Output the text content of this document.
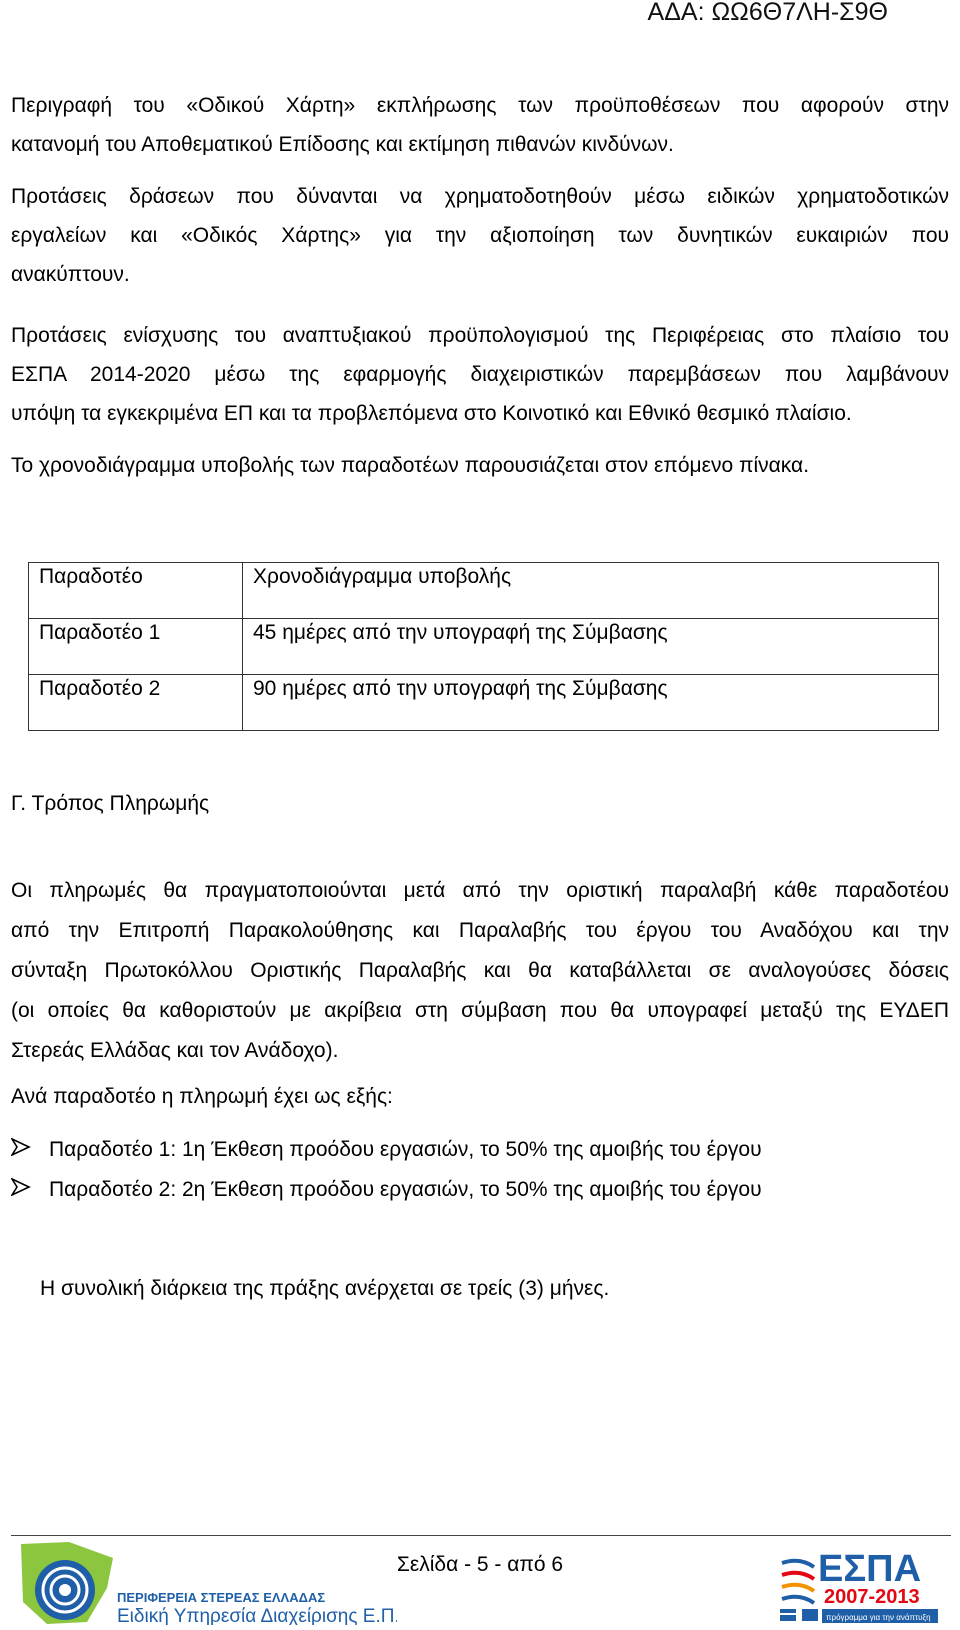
ΑΔΑ: ΩΩ6Θ7ΛΗ-Σ9Θ
Περιγραφή του «Οδικού Χάρτη» εκπλήρωσης των προϋποθέσεων που αφορούν στην
κατανομή του Αποθεματικού Επίδοσης και εκτίμηση πιθανών κινδύνων.
Προτάσεις δράσεων που δύνανται να χρηματοδοτηθούν μέσω ειδικών χρηματοδοτικών
εργαλείων και «Οδικός Χάρτης» για την αξιοποίηση των δυνητικών ευκαιριών που
ανακύπτουν.
Προτάσεις ενίσχυσης του αναπτυξιακού προϋπολογισμού της Περιφέρειας στο πλαίσιο του
ΕΣΠΑ 2014-2020 μέσω της εφαρμογής διαχειριστικών παρεμβάσεων που λαμβάνουν
υπόψη τα εγκεκριμένα ΕΠ και τα προβλεπόμενα στο Κοινοτικό και Εθνικό θεσμικό πλαίσιο.
Το χρονοδιάγραμμα υποβολής των παραδοτέων παρουσιάζεται στον επόμενο πίνακα.
Παραδοτέο	Χρονοδιάγραμμα υποβολής
Παραδοτέο 1	45 ημέρες από την υπογραφή της Σύμβασης
Παραδοτέο 2	90 ημέρες από την υπογραφή της Σύμβασης
Γ. Τρόπος Πληρωμής
Οι πληρωμές θα πραγματοποιούνται μετά από την οριστική παραλαβή κάθε παραδοτέου
από την Επιτροπή Παρακολούθησης και Παραλαβής του έργου του Αναδόχου και την
σύνταξη Πρωτοκόλλου Οριστικής Παραλαβής και θα καταβάλλεται σε αναλογούσες δόσεις
(οι οποίες θα καθοριστούν με ακρίβεια στη σύμβαση που θα υπογραφεί μεταξύ της ΕΥΔΕΠ
Στερεάς Ελλάδας και τον Ανάδοχο).
Ανά παραδοτέο η πληρωμή έχει ως εξής:
Παραδοτέο 1: 1η Έκθεση προόδου εργασιών, το 50% της αμοιβής του έργου
Παραδοτέο 2: 2η Έκθεση προόδου εργασιών, το 50% της αμοιβής του έργου
Η συνολική διάρκεια της πράξης ανέρχεται σε τρείς (3) μήνες.
ΠΕΡΙΦΕΡΕΙΑ ΣΤΕΡΕΑΣ ΕΛΛΑΔΑΣ
Ειδική Υπηρεσία Διαχείρισης Ε.Π.
Σελίδα - 5 - από 6	ΕΣΠΑ
2007-2013
πρόγραμμα για την ανάπτυξη
